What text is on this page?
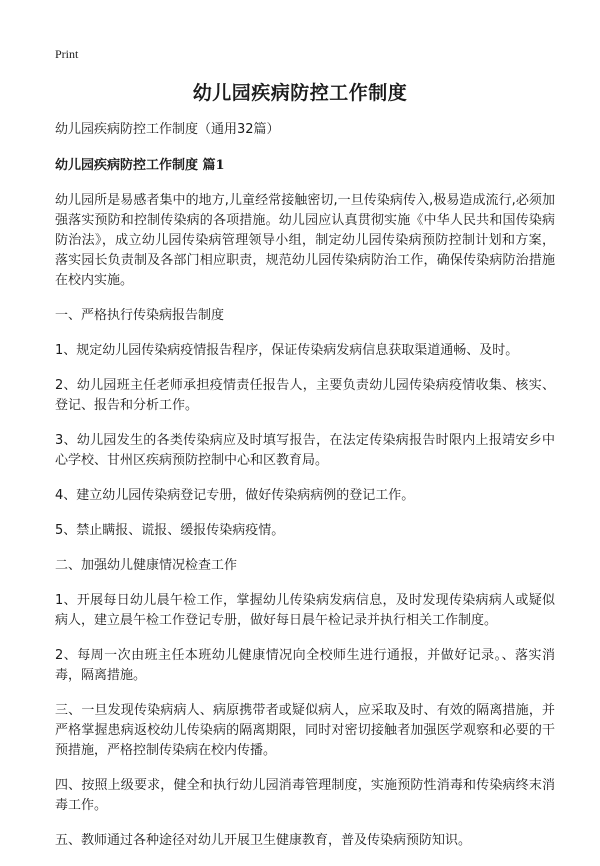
Print
幼儿园疾病防控工作制度

幼儿园疾病防控工作制度（通用32篇）

幼儿园疾病防控工作制度 篇1

幼儿园所是易感者集中的地方,儿童经常接触密切,一旦传染病传入,极易造成流行,必须加强落实预防和控制传染病的各项措施。幼儿园应认真贯彻实施《中华人民共和国传染病防治法》，成立幼儿园传染病管理领导小组，制定幼儿园传染病预防控制计划和方案，落实园长负责制及各部门相应职责，规范幼儿园传染病防治工作，确保传染病防治措施在校内实施。

一、严格执行传染病报告制度

1、规定幼儿园传染病疫情报告程序，保证传染病发病信息获取渠道通畅、及时。

2、幼儿园班主任老师承担疫情责任报告人，主要负责幼儿园传染病疫情收集、核实、登记、报告和分析工作。

3、幼儿园发生的各类传染病应及时填写报告，在法定传染病报告时限内上报靖安乡中心学校、甘州区疾病预防控制中心和区教育局。

4、建立幼儿园传染病登记专册，做好传染病病例的登记工作。

5、禁止瞒报、谎报、缓报传染病疫情。

二、加强幼儿健康情况检查工作

1、开展每日幼儿晨午检工作，掌握幼儿传染病发病信息，及时发现传染病病人或疑似病人，建立晨午检工作登记专册，做好每日晨午检记录并执行相关工作制度。

2、每周一次由班主任本班幼儿健康情况向全校师生进行通报，并做好记录。、落实消毒，隔离措施。

三、一旦发现传染病病人、病原携带者或疑似病人，应采取及时、有效的隔离措施，并严格掌握患病返校幼儿传染病的隔离期限，同时对密切接触者加强医学观察和必要的干预措施，严格控制传染病在校内传播。

四、按照上级要求，健全和执行幼儿园消毒管理制度，实施预防性消毒和传染病终末消毒工作。

五、教师通过各种途径对幼儿开展卫生健康教育，普及传染病预防知识。
